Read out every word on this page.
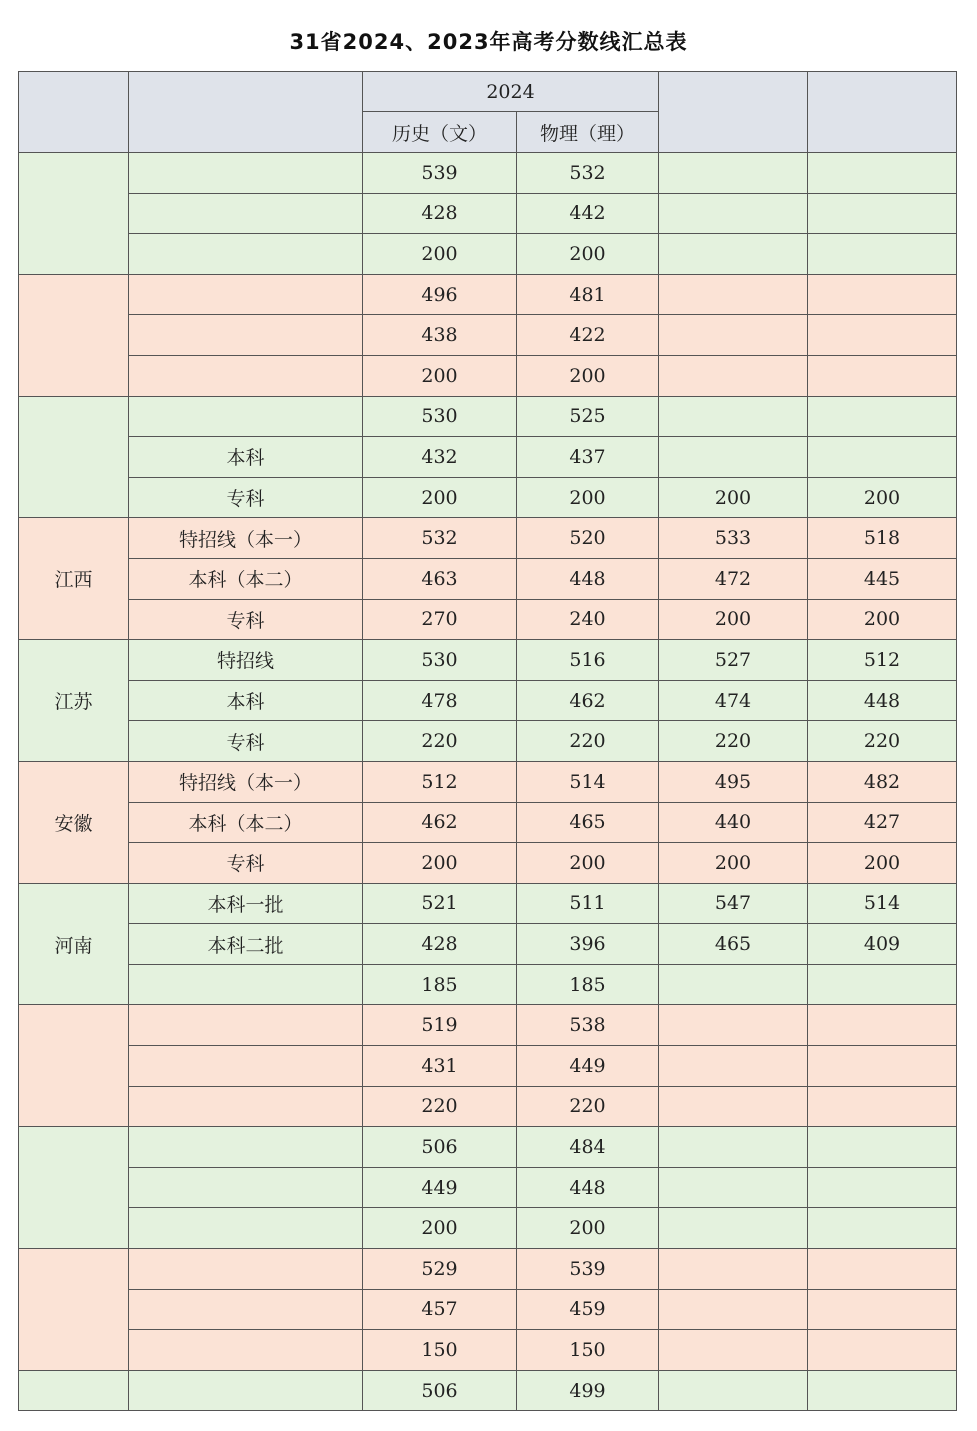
31省2024、2023年高考分数线汇总表
		2024			
		历史（文）	物理（理）		
		539	532		
		428	442		
		200	200		
		496	481		
		438	422		
		200	200		
		530	525		
	本科	432	437		
	专科	200	200	200	200
江西	特招线（本一）	532	520	533	518
	本科（本二）	463	448	472	445
	专科	270	240	200	200
江苏	特招线	530	516	527	512
	本科	478	462	474	448
	专科	220	220	220	220
安徽	特招线（本一）	512	514	495	482
	本科（本二）	462	465	440	427
	专科	200	200	200	200
河南	本科一批	521	511	547	514
	本科二批	428	396	465	409
		185	185		
		519	538		
		431	449		
		220	220		
		506	484		
		449	448		
		200	200		
		529	539		
		457	459		
		150	150		
		506	499		
